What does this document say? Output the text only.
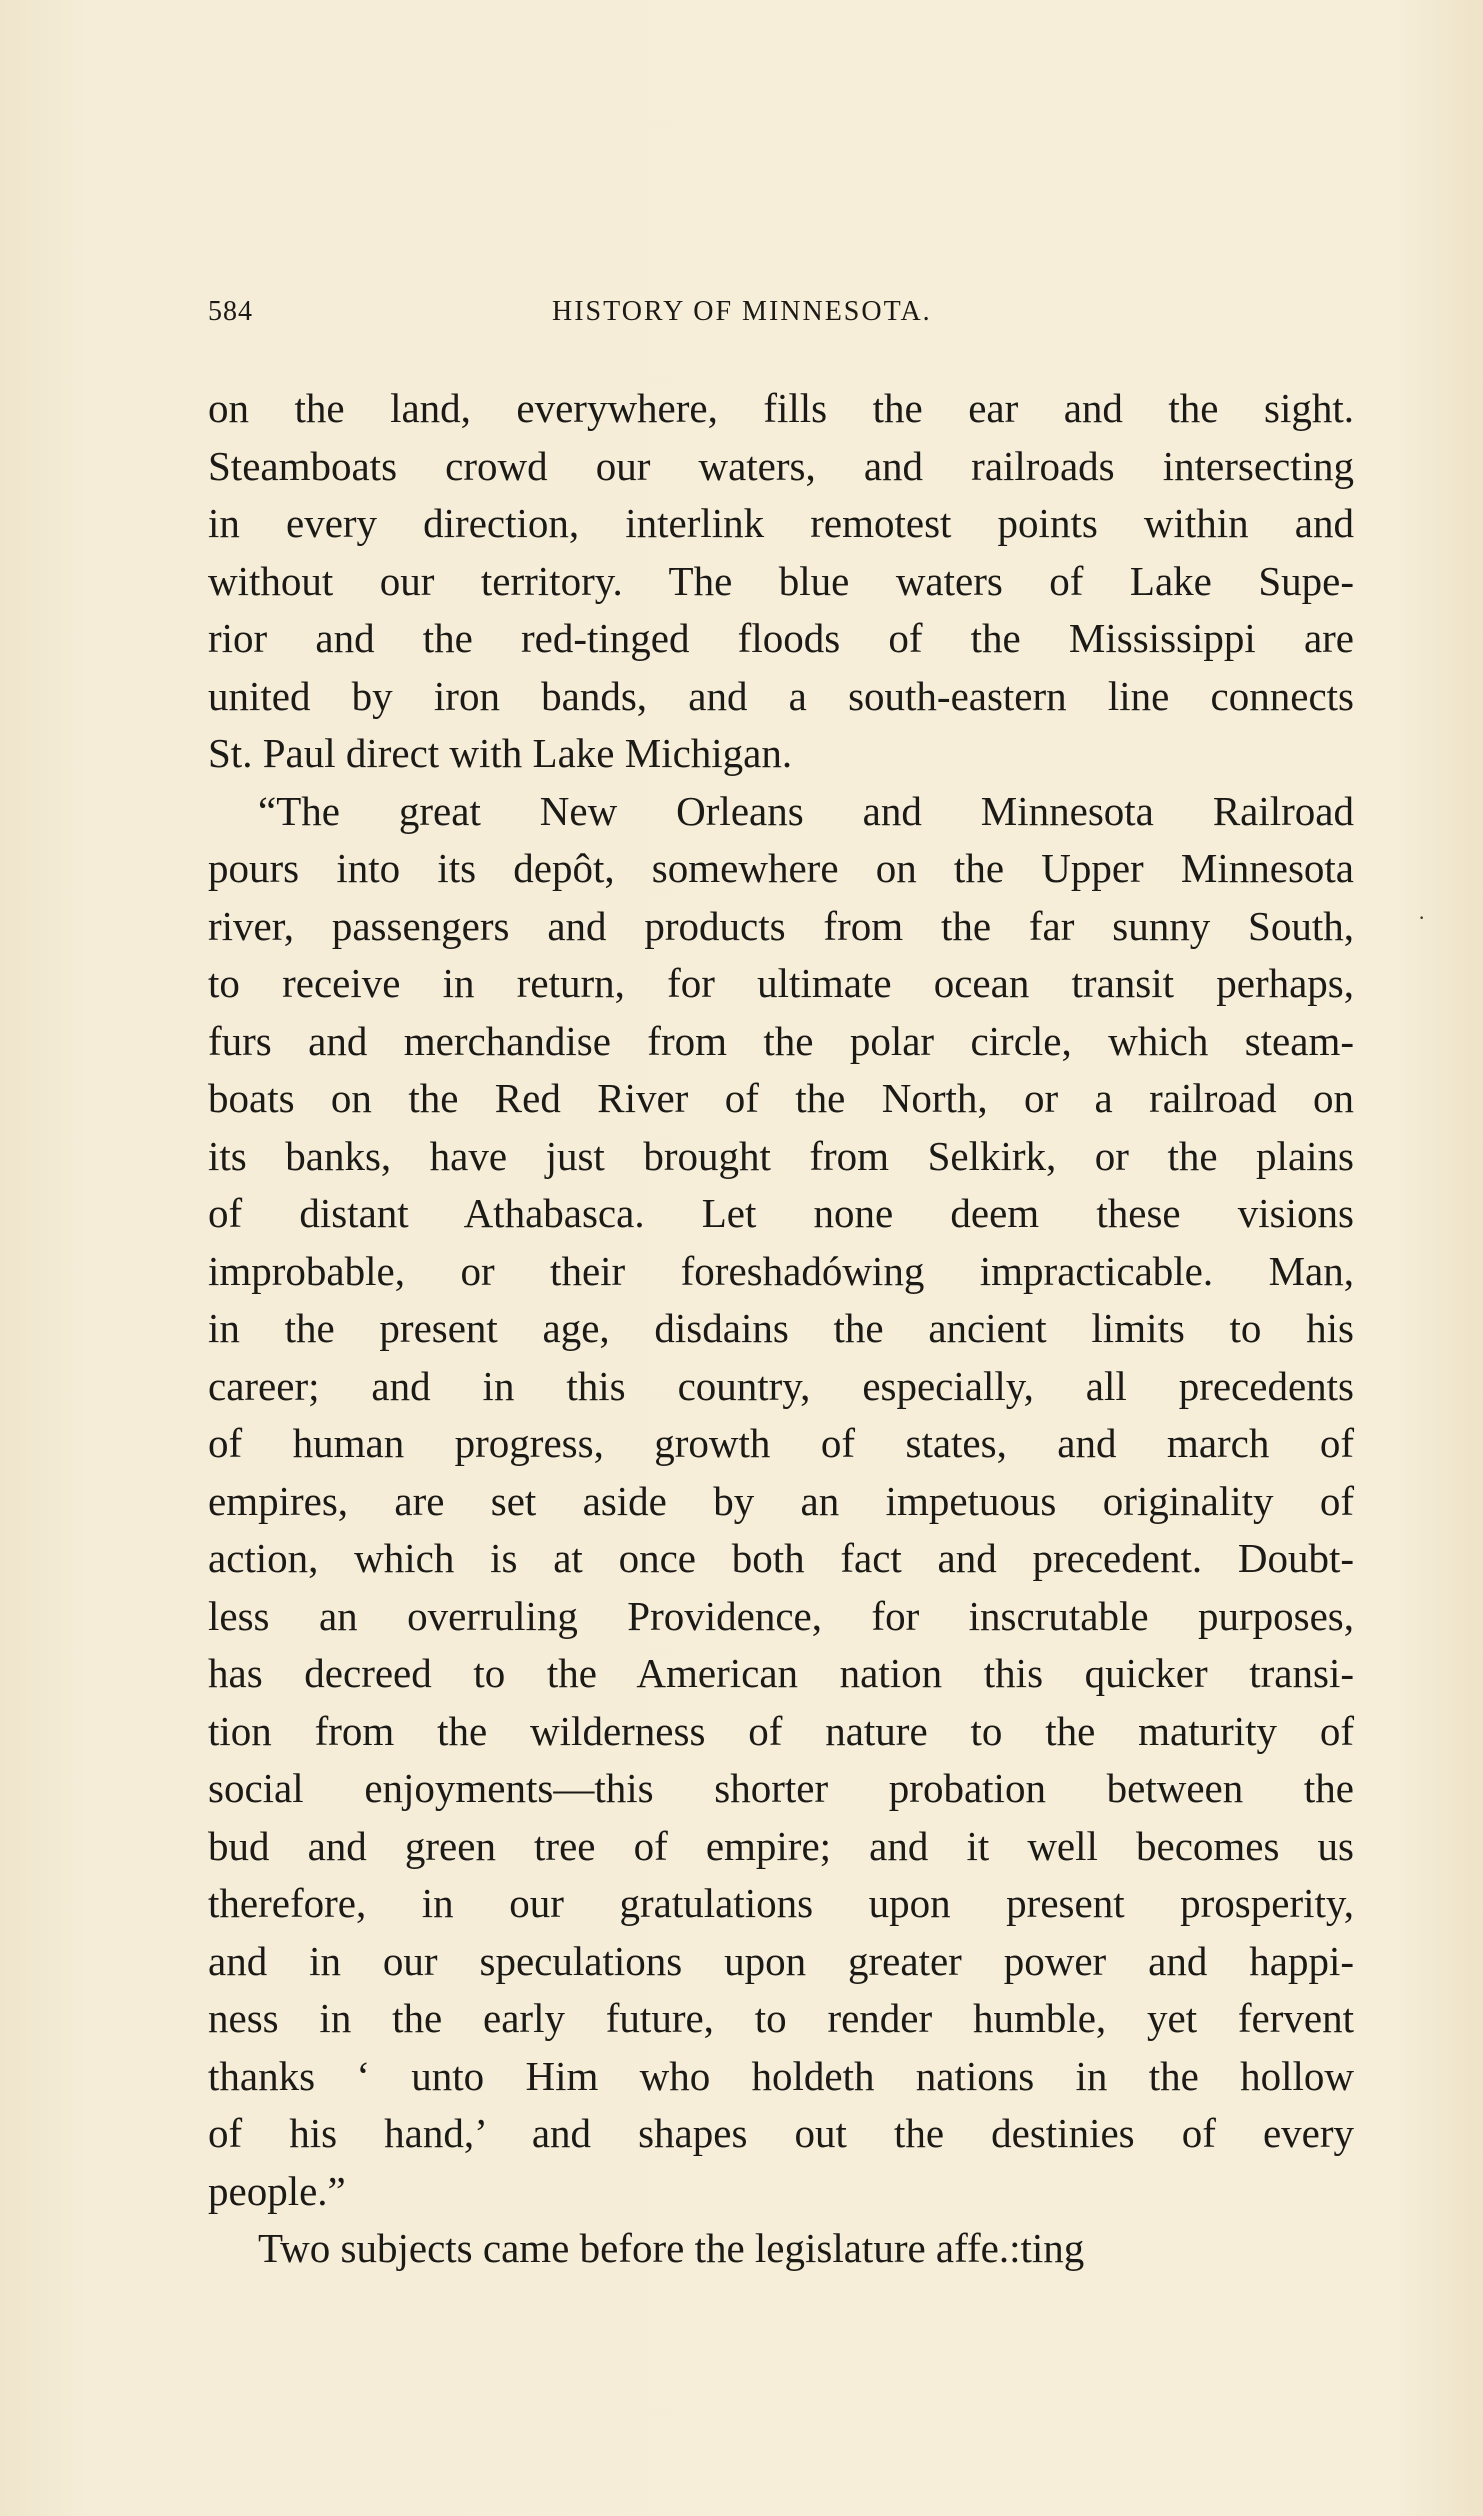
584	HISTORY OF MINNESOTA.
on the land, everywhere, fills the ear and the sight.
Steamboats crowd our waters, and railroads intersecting
in every direction, interlink remotest points within and
without our territory. The blue waters of Lake Supe-
rior and the red-tinged floods of the Mississippi are
united by iron bands, and a south-eastern line connects
St. Paul direct with Lake Michigan.
“The great New Orleans and Minnesota Railroad
pours into its depôt, somewhere on the Upper Minnesota
river, passengers and products from the far sunny South,
to receive in return, for ultimate ocean transit perhaps,
furs and merchandise from the polar circle, which steam-
boats on the Red River of the North, or a railroad on
its banks, have just brought from Selkirk, or the plains
of distant Athabasca. Let none deem these visions
improbable, or their foreshadówing impracticable. Man,
in the present age, disdains the ancient limits to his
career; and in this country, especially, all precedents
of human progress, growth of states, and march of
empires, are set aside by an impetuous originality of
action, which is at once both fact and precedent. Doubt-
less an overruling Providence, for inscrutable purposes,
has decreed to the American nation this quicker transi-
tion from the wilderness of nature to the maturity of
social enjoyments—this shorter probation between the
bud and green tree of empire; and it well becomes us
therefore, in our gratulations upon present prosperity,
and in our speculations upon greater power and happi-
ness in the early future, to render humble, yet fervent
thanks ‘ unto Him who holdeth nations in the hollow
of his hand,’ and shapes out the destinies of every
people.”
Two subjects came before the legislature affe.:ting
·
